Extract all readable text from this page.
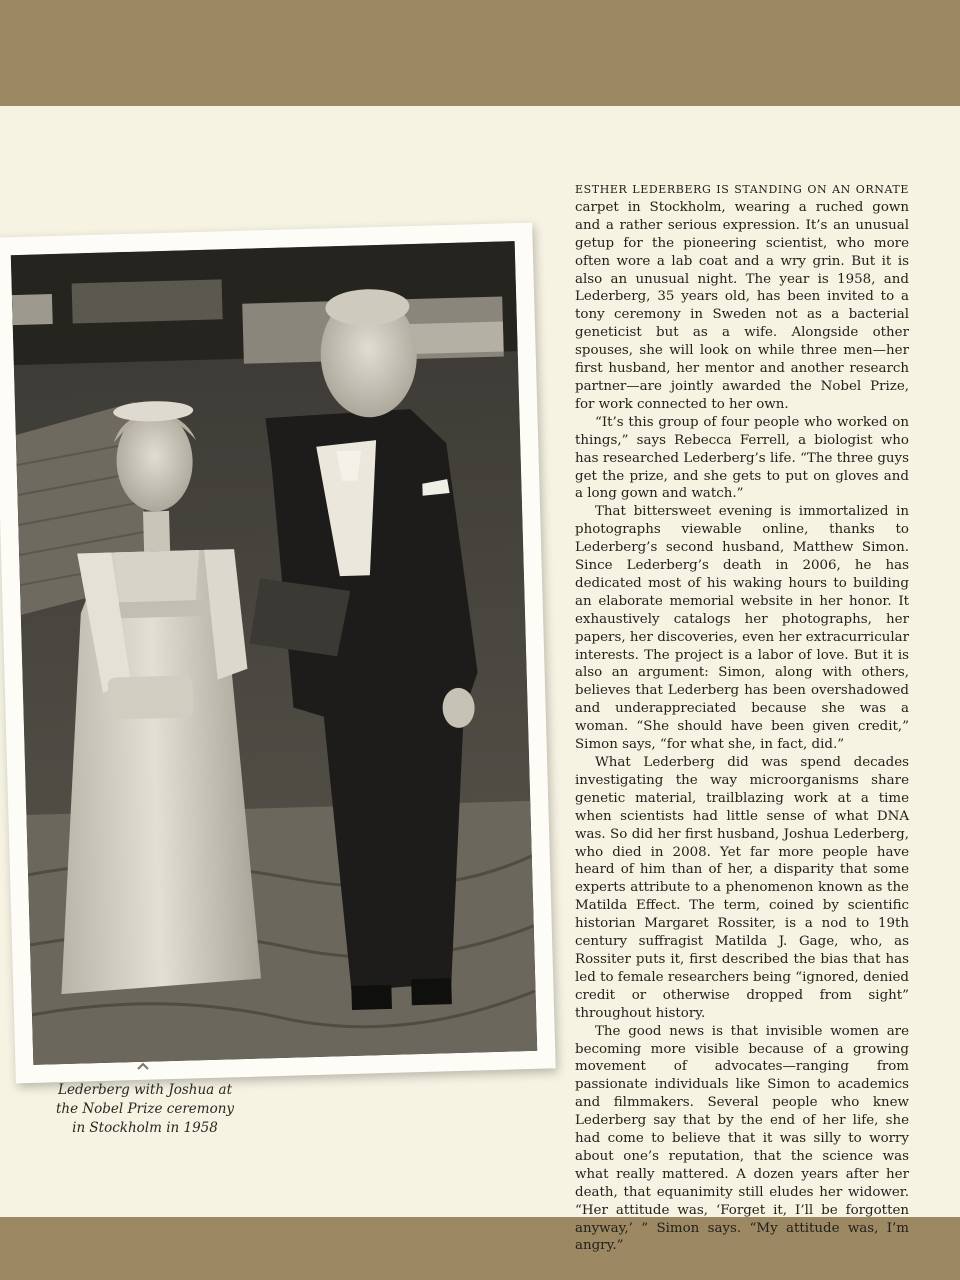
Lederberg with Joshua at
the Nobel Prize ceremony
in Stockholm in 1958

ESTHER LEDERBERG IS STANDING ON AN ORNATE carpet in Stockholm, wearing a ruched gown and a rather serious expression. It’s an unusual getup for the pioneering scientist, who more often wore a lab coat and a wry grin. But it is also an unusual night. The year is 1958, and Lederberg, 35 years old, has been invited to a tony ceremony in Sweden not as a bacterial geneticist but as a wife. Alongside other spouses, she will look on while three men—her first husband, her mentor and another research partner—are jointly awarded the Nobel Prize, for work connected to her own.

“It’s this group of four people who worked on things,” says Rebecca Ferrell, a biologist who has researched Lederberg’s life. “The three guys get the prize, and she gets to put on gloves and a long gown and watch.”

That bittersweet evening is immortalized in photographs viewable online, thanks to Lederberg’s second husband, Matthew Simon. Since Lederberg’s death in 2006, he has dedicated most of his waking hours to building an elaborate memorial website in her honor. It exhaustively catalogs her photographs, her papers, her discoveries, even her extracurricular interests. The project is a labor of love. But it is also an argument: Simon, along with others, believes that Lederberg has been overshadowed and underappreciated because she was a woman. “She should have been given credit,” Simon says, “for what she, in fact, did.”

What Lederberg did was spend decades investigating the way microorganisms share genetic material, trailblazing work at a time when scientists had little sense of what DNA was. So did her first husband, Joshua Lederberg, who died in 2008. Yet far more people have heard of him than of her, a disparity that some experts attribute to a phenomenon known as the Matilda Effect. The term, coined by scientific historian Margaret Rossiter, is a nod to 19th century suffragist Matilda J. Gage, who, as Rossiter puts it, first described the bias that has led to female researchers being “ignored, denied credit or otherwise dropped from sight” throughout history.

The good news is that invisible women are becoming more visible because of a growing movement of advocates—ranging from passionate individuals like Simon to academics and filmmakers. Several people who knew Lederberg say that by the end of her life, she had come to believe that it was silly to worry about one’s reputation, that the science was what really mattered. A dozen years after her death, that equanimity still eludes her widower. “Her attitude was, ‘Forget it, I’ll be forgotten anyway,’ ” Simon says. “My attitude was, I’m angry.”
